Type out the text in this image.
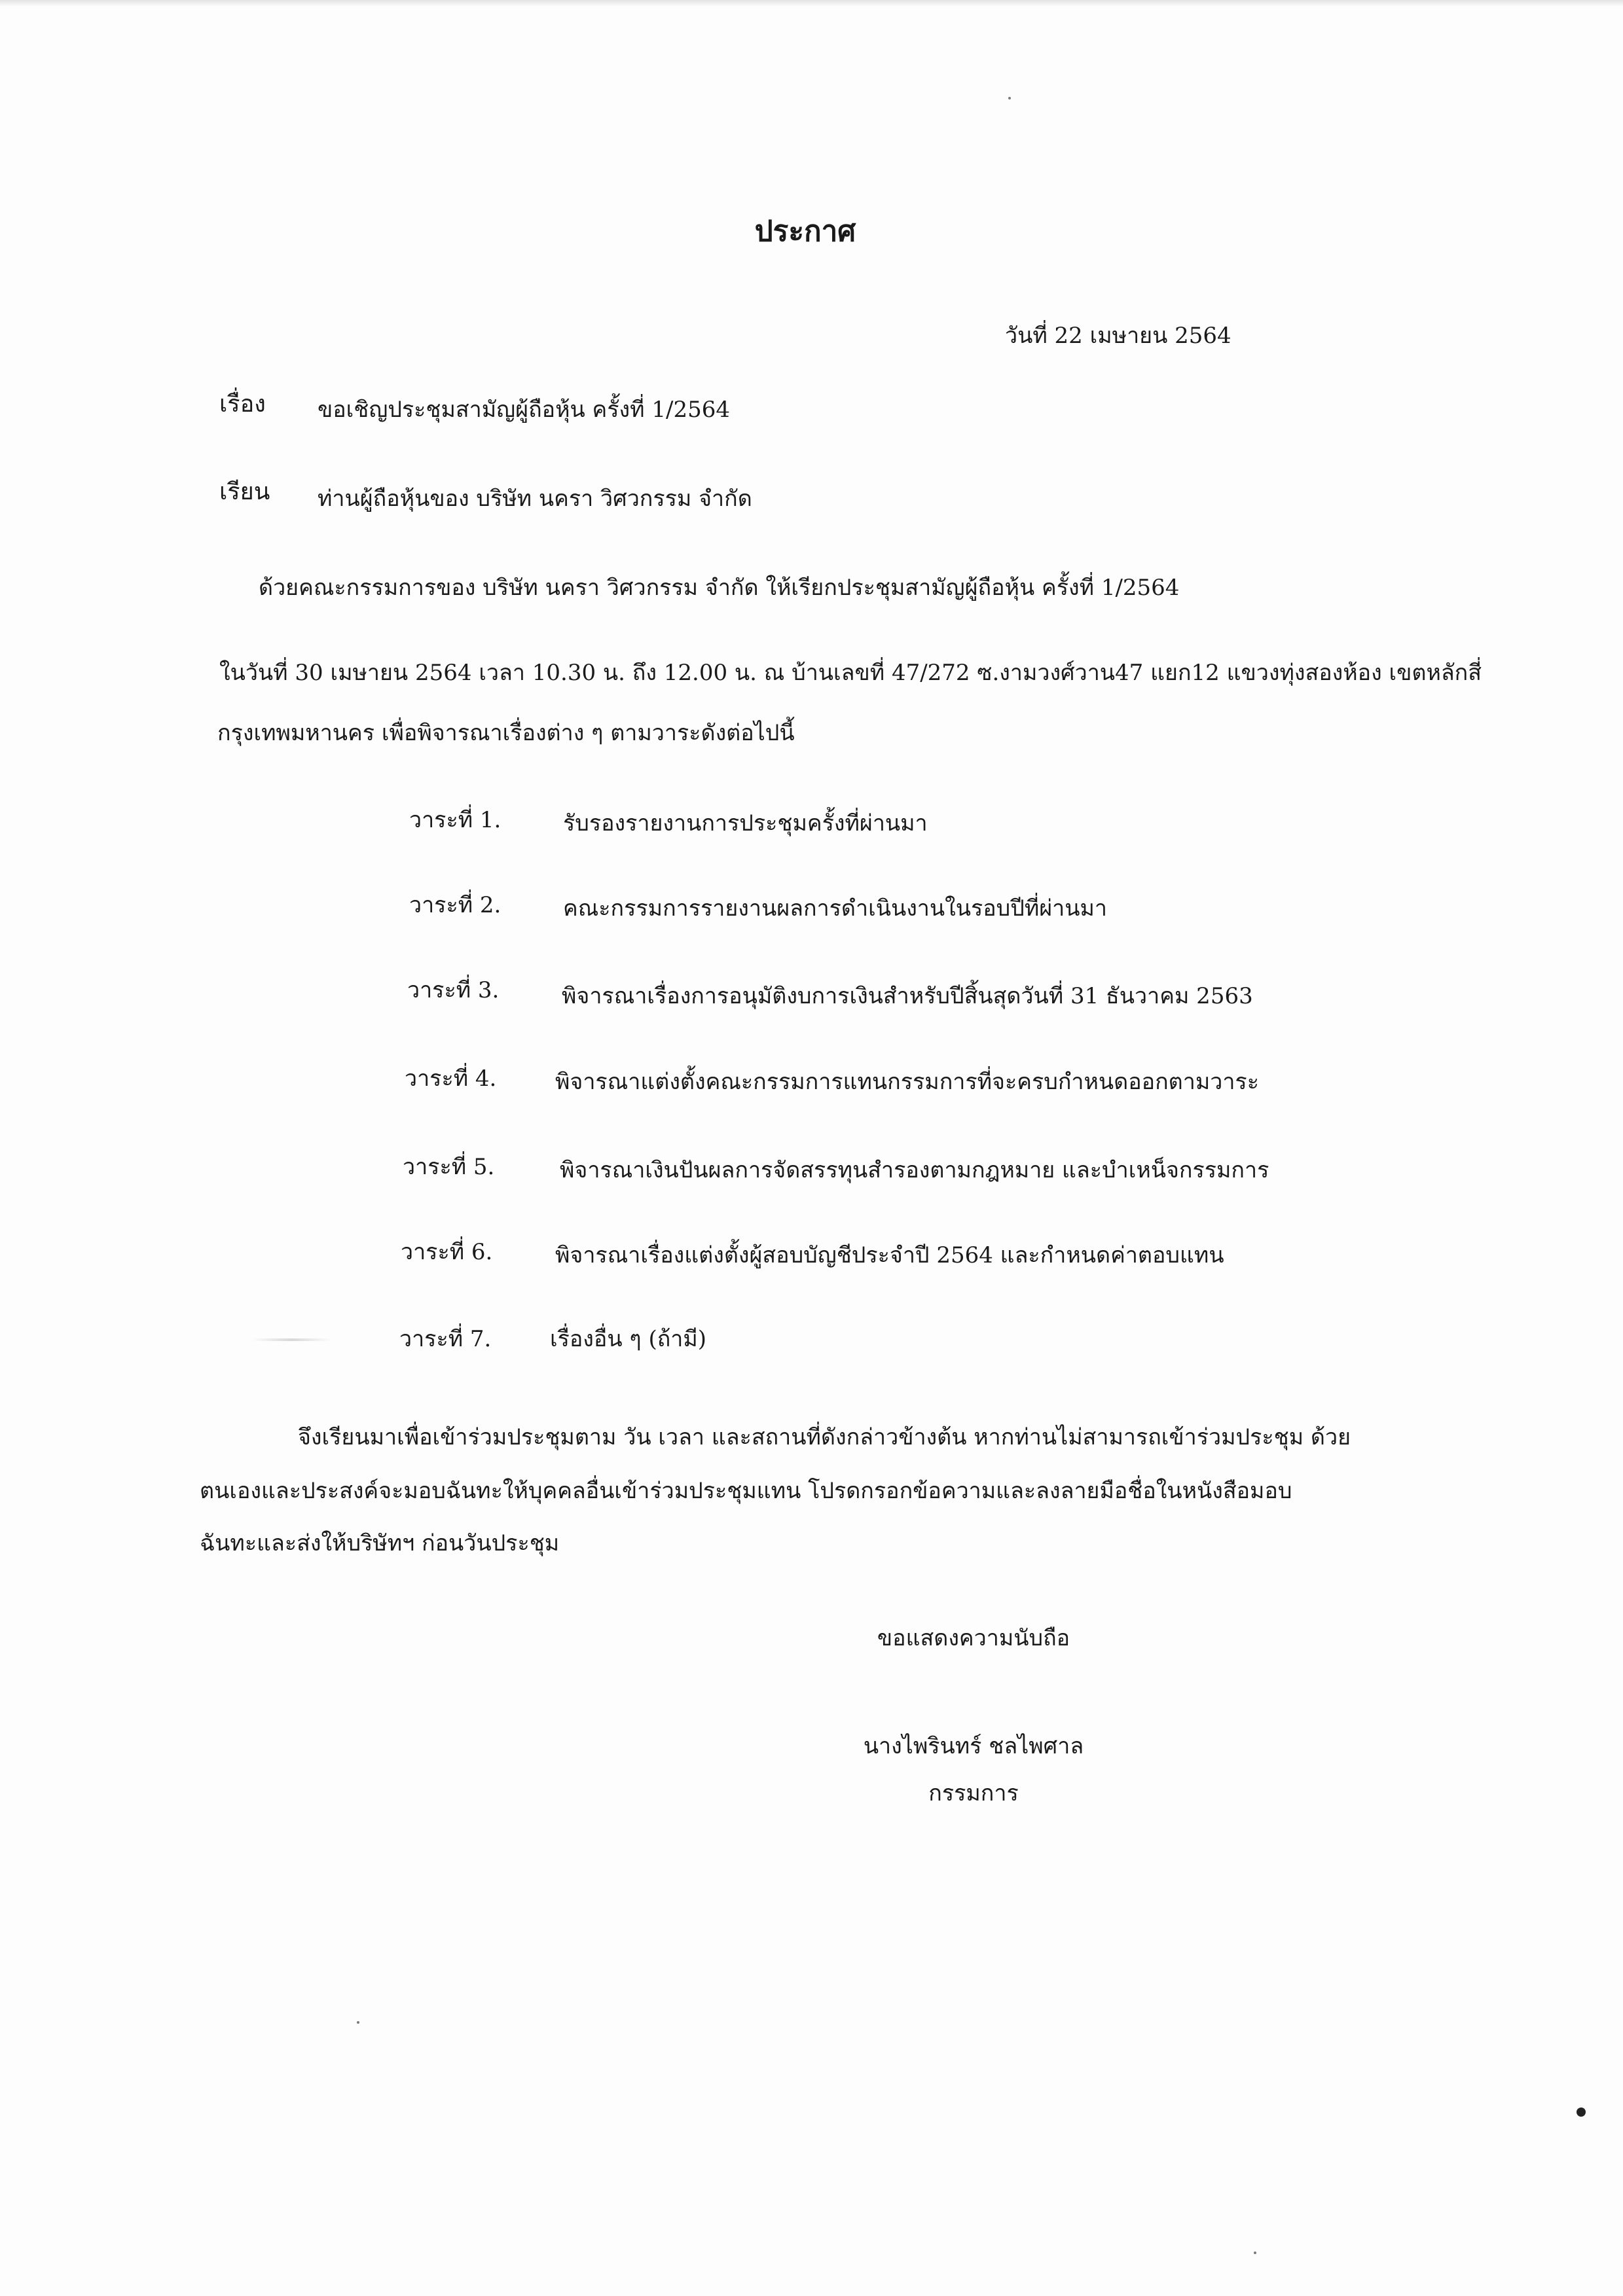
ประกาศ
วันที่ 22 เมษายน 2564
เรื่อง ขอเชิญประชุมสามัญผู้ถือหุ้น ครั้งที่ 1/2564
เรียน ท่านผู้ถือหุ้นของ บริษัท นครา วิศวกรรม จำกัด
ด้วยคณะกรรมการของ บริษัท นครา วิศวกรรม จำกัด ให้เรียกประชุมสามัญผู้ถือหุ้น ครั้งที่ 1/2564
ในวันที่ 30 เมษายน 2564 เวลา 10.30 น. ถึง 12.00 น. ณ บ้านเลขที่ 47/272 ซ.งามวงศ์วาน47 แยก12 แขวงทุ่งสองห้อง เขตหลักสี่
กรุงเทพมหานคร เพื่อพิจารณาเรื่องต่าง ๆ ตามวาระดังต่อไปนี้
วาระที่ 1.	รับรองรายงานการประชุมครั้งที่ผ่านมา
วาระที่ 2.	คณะกรรมการรายงานผลการดำเนินงานในรอบปีที่ผ่านมา
วาระที่ 3.	พิจารณาเรื่องการอนุมัติงบการเงินสำหรับปีสิ้นสุดวันที่ 31 ธันวาคม 2563
วาระที่ 4.	พิจารณาแต่งตั้งคณะกรรมการแทนกรรมการที่จะครบกำหนดออกตามวาระ
วาระที่ 5.	พิจารณาเงินปันผลการจัดสรรทุนสำรองตามกฎหมาย และบำเหน็จกรรมการ
วาระที่ 6.	พิจารณาเรื่องแต่งตั้งผู้สอบบัญชีประจำปี 2564 และกำหนดค่าตอบแทน
วาระที่ 7.	เรื่องอื่น ๆ (ถ้ามี)
จึงเรียนมาเพื่อเข้าร่วมประชุมตาม วัน เวลา และสถานที่ดังกล่าวข้างต้น หากท่านไม่สามารถเข้าร่วมประชุม ด้วย
ตนเองและประสงค์จะมอบฉันทะให้บุคคลอื่นเข้าร่วมประชุมแทน โปรดกรอกข้อความและลงลายมือชื่อในหนังสือมอบ
ฉันทะและส่งให้บริษัทฯ ก่อนวันประชุม
ขอแสดงความนับถือ
นางไพรินทร์ ชลไพศาล
กรรมการ
